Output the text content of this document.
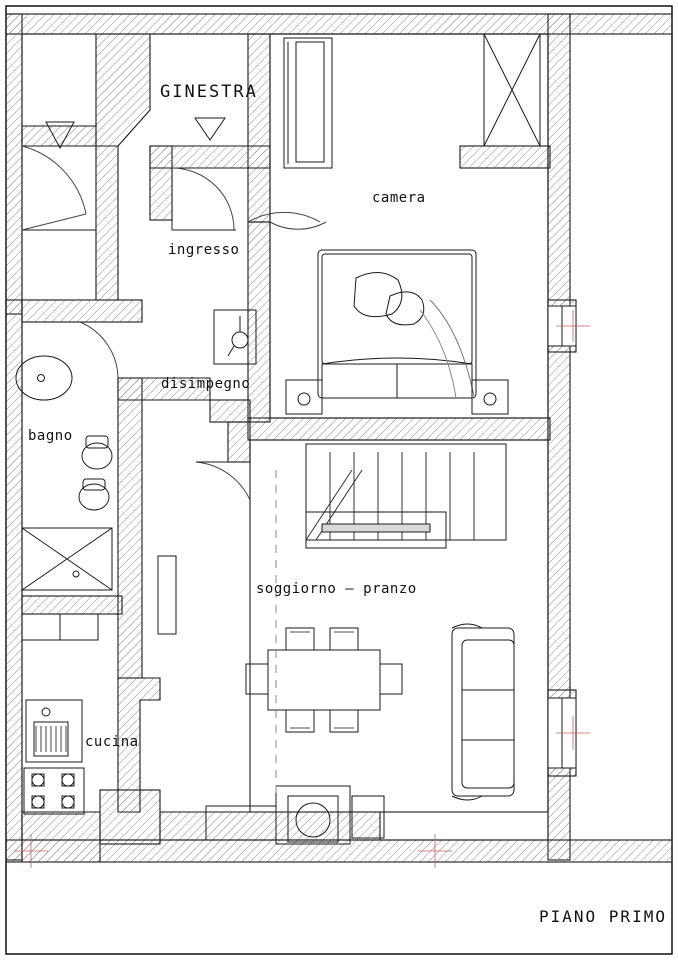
GINESTRA
camera
ingresso
disimpegno
bagno
soggiorno – pranzo
cucina
PIANO PRIMO
